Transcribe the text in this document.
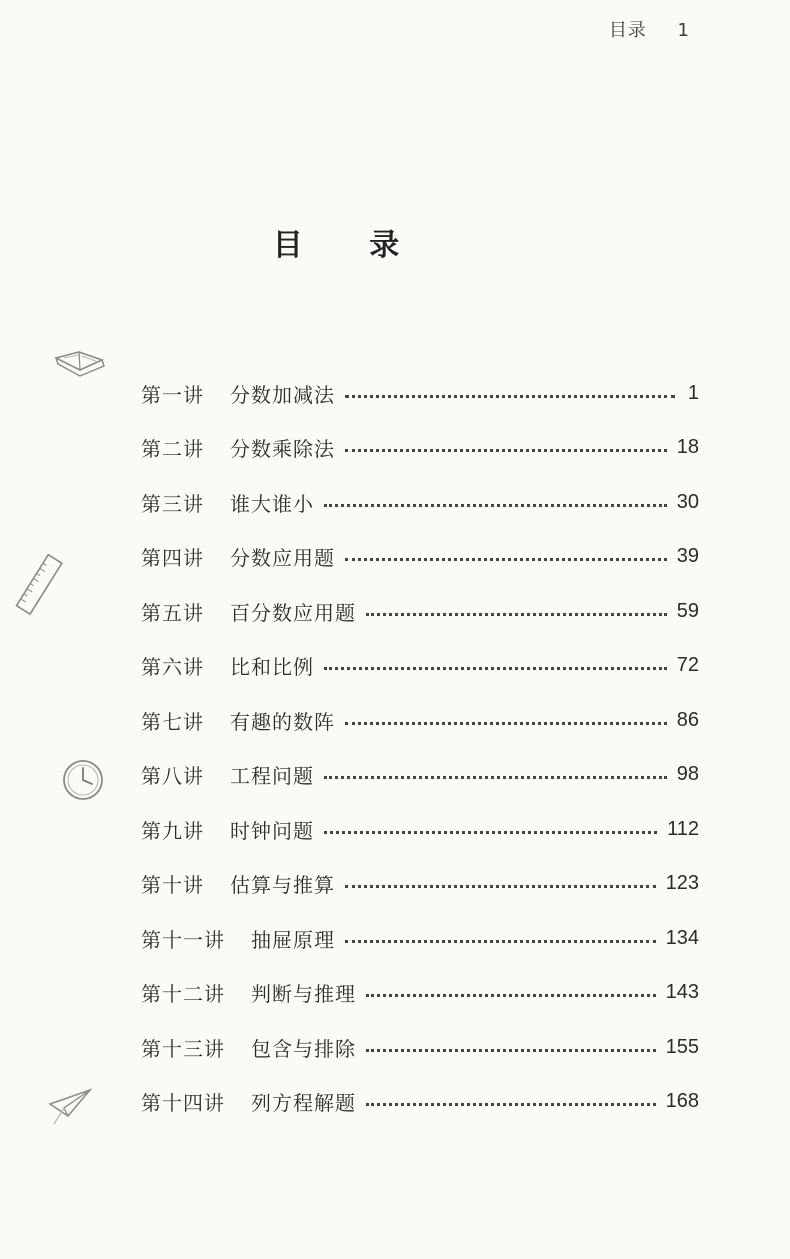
目录 1
目 录
第一讲 分数加减法	1
第二讲 分数乘除法	18
第三讲 谁大谁小	30
第四讲 分数应用题	39
第五讲 百分数应用题	59
第六讲 比和比例	72
第七讲 有趣的数阵	86
第八讲 工程问题	98
第九讲 时钟问题	112
第十讲 估算与推算	123
第十一讲 抽屉原理	134
第十二讲 判断与推理	143
第十三讲 包含与排除	155
第十四讲 列方程解题	168
